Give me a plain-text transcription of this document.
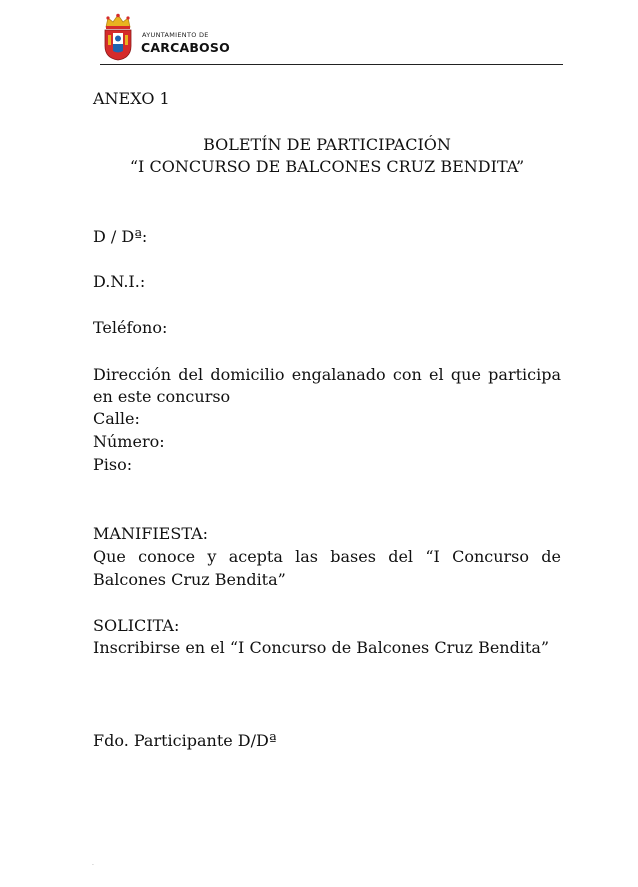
AYUNTAMIENTO DE
CARCABOSO
ANEXO 1
BOLETÍN DE PARTICIPACIÓN
“I CONCURSO DE BALCONES CRUZ BENDITA”
D / Dª:
D.N.I.:
Teléfono:
Dirección del domicilio engalanado con el que participa
en este concurso
Calle:
Número:
Piso:
MANIFIESTA:
Que conoce y acepta las bases del “I Concurso de
Balcones Cruz Bendita”
SOLICITA:
Inscribirse en el “I Concurso de Balcones Cruz Bendita”
Fdo. Participante D/Dª
.
